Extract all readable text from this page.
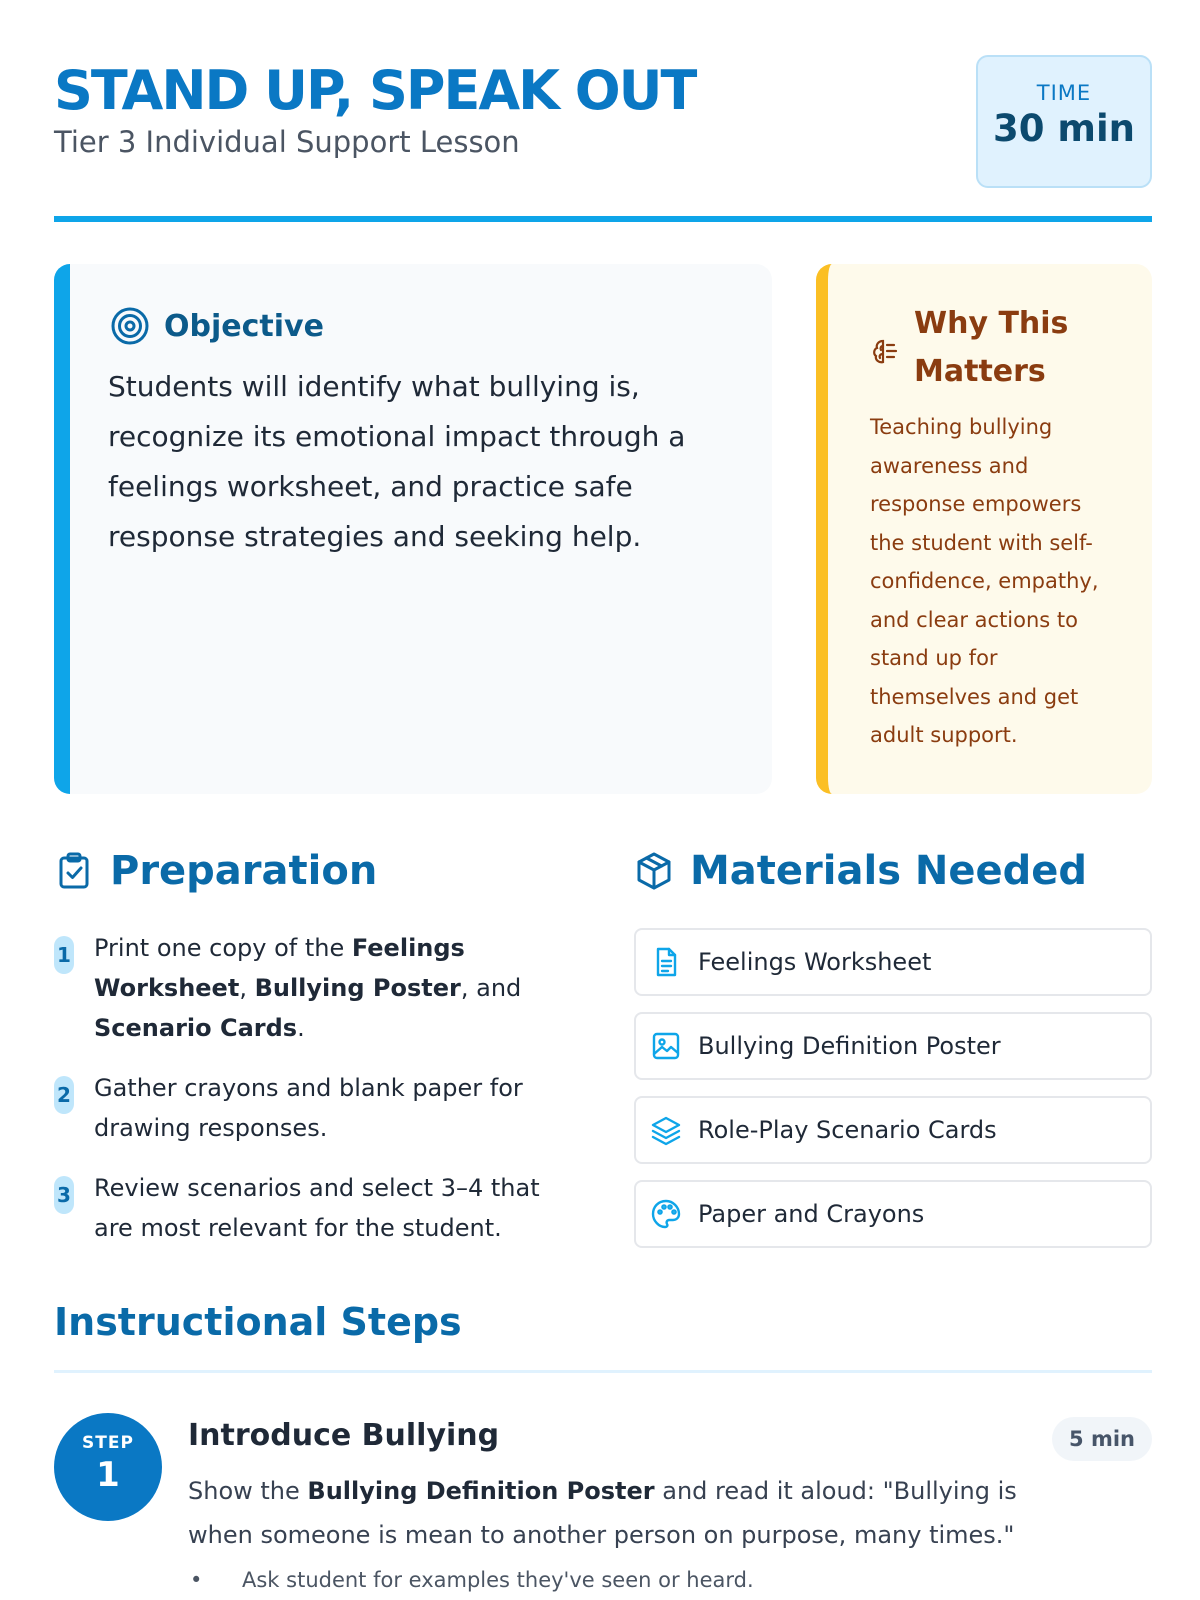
STAND UP, SPEAK OUT
Tier 3 Individual Support Lesson
TIME
30 min
Objective
Students will identify what bullying is, recognize its emotional impact through a feelings worksheet, and practice safe response strategies and seeking help.
Why This Matters
Teaching bullying awareness and response empowers the student with self-confidence, empathy, and clear actions to stand up for themselves and get adult support.
Preparation	Materials Needed
1 Print one copy of the Feelings Worksheet, Bullying Poster, and Scenario Cards.
2 Gather crayons and blank paper for drawing responses.
3 Review scenarios and select 3–4 that are most relevant for the student.
Feelings Worksheet
Bullying Definition Poster
Role-Play Scenario Cards
Paper and Crayons
Instructional Steps
STEP
1
Introduce Bullying	5 min
Show the Bullying Definition Poster and read it aloud: "Bullying is when someone is mean to another person on purpose, many times."
• Ask student for examples they've seen or heard.
